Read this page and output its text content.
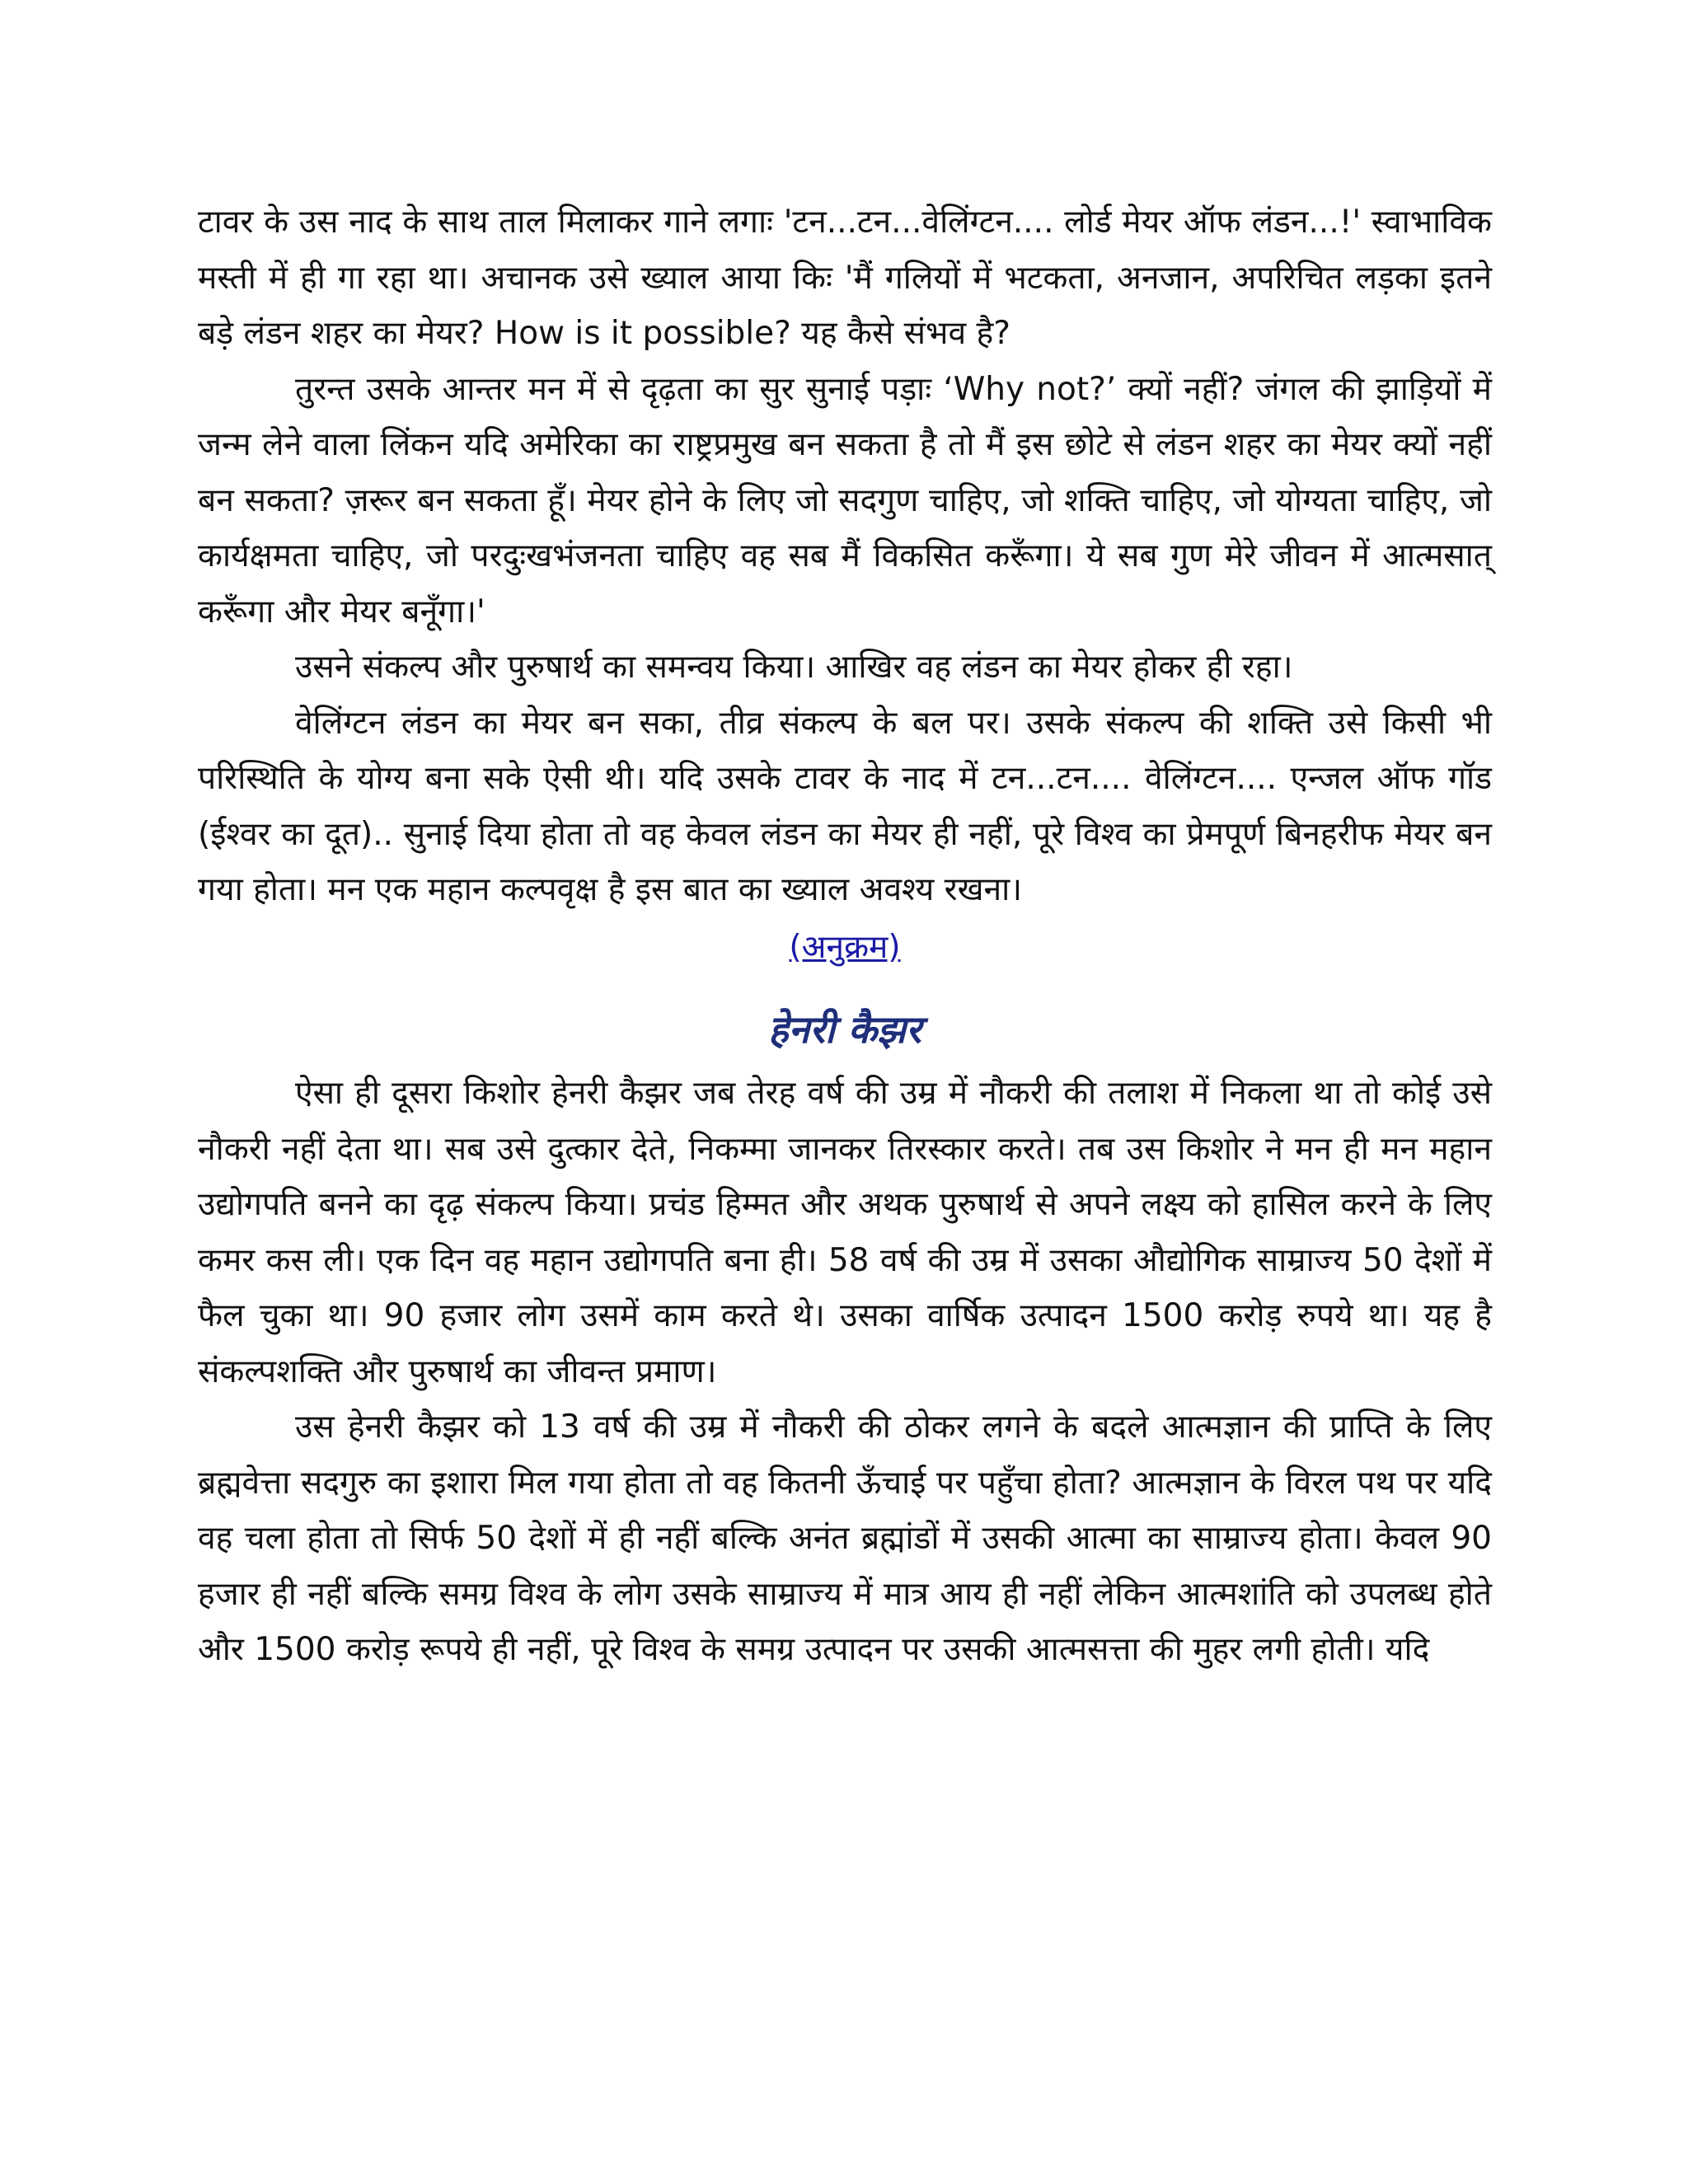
टावर के उस नाद के साथ ताल मिलाकर गाने लगाः 'टन...टन...वेलिंग्टन.... लोर्ड मेयर ऑफ लंडन...!' स्वाभाविक मस्ती में ही गा रहा था। अचानक उसे ख्याल आया किः 'मैं गलियों में भटकता, अनजान, अपरिचित लड़का इतने बड़े लंडन शहर का मेयर? How is it possible? यह कैसे संभव है?

तुरन्त उसके आन्तर मन में से दृढ़ता का सुर सुनाई पड़ाः ‘Why not?’ क्यों नहीं? जंगल की झाड़ियों में जन्म लेने वाला लिंकन यदि अमेरिका का राष्ट्रप्रमुख बन सकता है तो मैं इस छोटे से लंडन शहर का मेयर क्यों नहीं बन सकता? ज़रूर बन सकता हूँ। मेयर होने के लिए जो सदगुण चाहिए, जो शक्ति चाहिए, जो योग्यता चाहिए, जो कार्यक्षमता चाहिए, जो परदुःखभंजनता चाहिए वह सब मैं विकसित करूँगा। ये सब गुण मेरे जीवन में आत्मसात् करूँगा और मेयर बनूँगा।'

उसने संकल्प और पुरुषार्थ का समन्वय किया। आखिर वह लंडन का मेयर होकर ही रहा।

वेलिंग्टन लंडन का मेयर बन सका, तीव्र संकल्प के बल पर। उसके संकल्प की शक्ति उसे किसी भी परिस्थिति के योग्य बना सके ऐसी थी। यदि उसके टावर के नाद में टन...टन.... वेलिंग्टन.... एन्जल ऑफ गॉड (ईश्वर का दूत).. सुनाई दिया होता तो वह केवल लंडन का मेयर ही नहीं, पूरे विश्व का प्रेमपूर्ण बिनहरीफ मेयर बन गया होता। मन एक महान कल्पवृक्ष है इस बात का ख्याल अवश्य रखना।

(अनुक्रम)
हेनरी कैझर

ऐसा ही दूसरा किशोर हेनरी कैझर जब तेरह वर्ष की उम्र में नौकरी की तलाश में निकला था तो कोई उसे नौकरी नहीं देता था। सब उसे दुत्कार देते, निकम्मा जानकर तिरस्कार करते। तब उस किशोर ने मन ही मन महान उद्योगपति बनने का दृढ़ संकल्प किया। प्रचंड हिम्मत और अथक पुरुषार्थ से अपने लक्ष्य को हासिल करने के लिए कमर कस ली। एक दिन वह महान उद्योगपति बना ही। 58 वर्ष की उम्र में उसका औद्योगिक साम्राज्य 50 देशों में फैल चुका था। 90 हजार लोग उसमें काम करते थे। उसका वार्षिक उत्पादन 1500 करोड़ रुपये था। यह है संकल्पशक्ति और पुरुषार्थ का जीवन्त प्रमाण।

उस हेनरी कैझर को 13 वर्ष की उम्र में नौकरी की ठोकर लगने के बदले आत्मज्ञान की प्राप्ति के लिए ब्रह्मवेत्ता सदगुरु का इशारा मिल गया होता तो वह कितनी ऊँचाई पर पहुँचा होता? आत्मज्ञान के विरल पथ पर यदि वह चला होता तो सिर्फ 50 देशों में ही नहीं बल्कि अनंत ब्रह्मांडों में उसकी आत्मा का साम्राज्य होता। केवल 90 हजार ही नहीं बल्कि समग्र विश्व के लोग उसके साम्राज्य में मात्र आय ही नहीं लेकिन आत्मशांति को उपलब्ध होते और 1500 करोड़ रूपये ही नहीं, पूरे विश्व के समग्र उत्पादन पर उसकी आत्मसत्ता की मुहर लगी होती। यदि
